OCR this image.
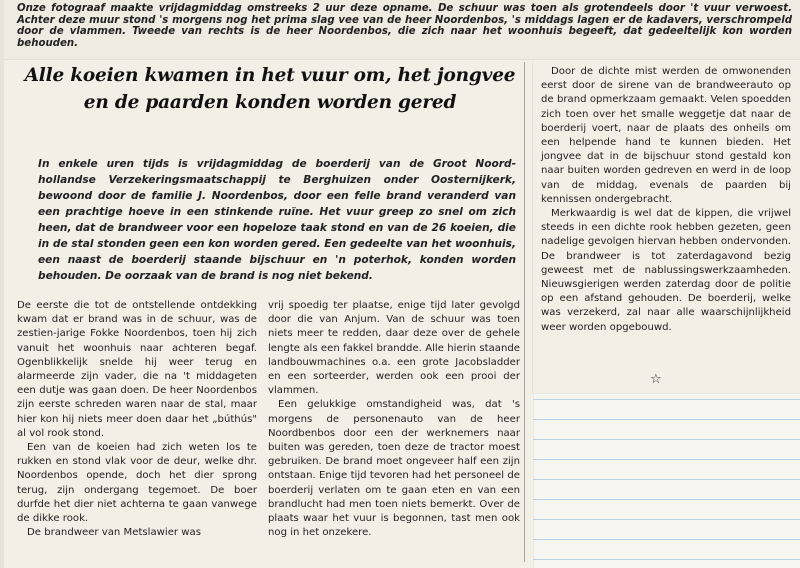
Onze fotograaf maakte vrijdagmiddag omstreeks 2 uur deze opname. De schuur was toen als grotendeels door 't vuur verwoest. Achter deze muur stond 's morgens nog het prima slag vee van de heer Noordenbos, 's middags lagen er de kadavers, verschrompeld door de vlammen. Tweede van rechts is de heer Noordenbos, die zich naar het woonhuis begeeft, dat gedeeltelijk kon worden behouden.

Alle koeien kwamen in het vuur om, het jongvee en de paarden konden worden gered

In enkele uren tijds is vrijdagmiddag de boerderij van de Groot Noord-hollandse Verzekeringsmaatschappij te Berghuizen onder Oosternijkerk, bewoond door de familie J. Noordenbos, door een felle brand veranderd van een prachtige hoeve in een stinkende ruïne. Het vuur greep zo snel om zich heen, dat de brandweer voor een hopeloze taak stond en van de 26 koeien, die in de stal stonden geen een kon worden gered. Een gedeelte van het woonhuis, een naast de boerderij staande bijschuur en 'n poterhok, konden worden behouden. De oorzaak van de brand is nog niet bekend.

De eerste die tot de ontstellende ontdekking kwam dat er brand was in de schuur, was de zestien-jarige Fokke Noordenbos, toen hij zich vanuit het woonhuis naar achteren begaf. Ogenblikkelijk snelde hij weer terug en alarmeerde zijn vader, die na 't middageten een dutje was gaan doen. De heer Noordenbos zijn eerste schreden waren naar de stal, maar hier kon hij niets meer doen daar het „búthús" al vol rook stond.

Een van de koeien had zich weten los te rukken en stond vlak voor de deur, welke dhr. Noordenbos opende, doch het dier sprong terug, zijn ondergang tegemoet. De boer durfde het dier niet achterna te gaan vanwege de dikke rook.

De brandweer van Metslawier was

vrij spoedig ter plaatse, enige tijd later gevolgd door die van Anjum. Van de schuur was toen niets meer te redden, daar deze over de gehele lengte als een fakkel brandde. Alle hierin staande landbouwmachines o.a. een grote Jacobsladder en een sorteerder, werden ook een prooi der vlammen.

Een gelukkige omstandigheid was, dat 's morgens de personenauto van de heer Noordbenbos door een der werknemers naar buiten was gereden, toen deze de tractor moest gebruiken. De brand moet ongeveer half een zijn ontstaan. Enige tijd tevoren had het personeel de boerderij verlaten om te gaan eten en van een brandlucht had men toen niets bemerkt. Over de plaats waar het vuur is begonnen, tast men ook nog in het onzekere.

Door de dichte mist werden de omwonenden eerst door de sirene van de brandweerauto op de brand opmerkzaam gemaakt. Velen spoedden zich toen over het smalle weggetje dat naar de boerderij voert, naar de plaats des onheils om een helpende hand te kunnen bieden. Het jongvee dat in de bijschuur stond gestald kon naar buiten worden gedreven en werd in de loop van de middag, evenals de paarden bij kennissen ondergebracht.

Merkwaardig is wel dat de kippen, die vrijwel steeds in een dichte rook hebben gezeten, geen nadelige gevolgen hiervan hebben ondervonden. De brandweer is tot zaterdagavond bezig geweest met de nablussingswerkzaamheden. Nieuwsgierigen werden zaterdag door de politie op een afstand gehouden. De boerderij, welke was verzekerd, zal naar alle waarschijnlijkheid weer worden opgebouwd.

☆
